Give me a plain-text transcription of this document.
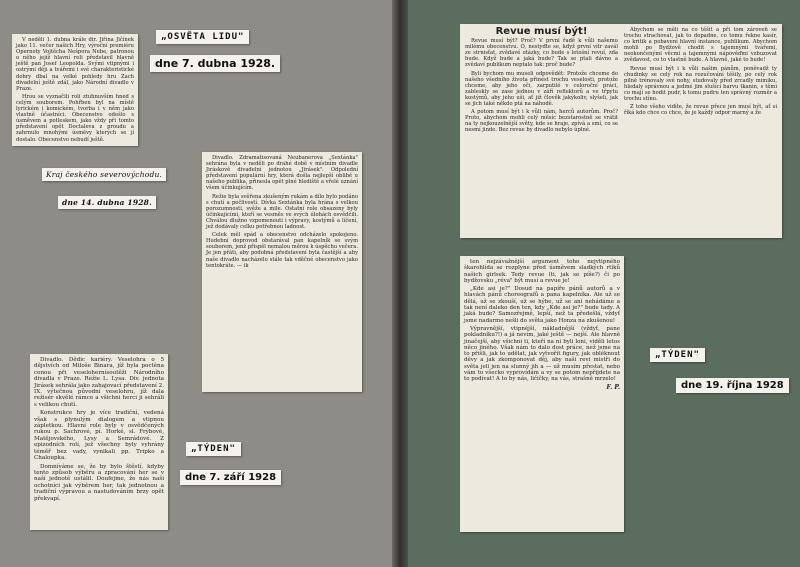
V neděli 1. dubna krále dir. Jiřina Jičínek jako 11. večer našich Hry, výroční premiéru Opernoty Vojtěcha Nešpora Nebe, patronou o něho jejíž hlavní roli představil hlavně ještě pan Josef Leopolda. Svými vtipnými i ostrými ději a tvářemi i své charakteristické dohry dbal na velké pohledy hru Zach divadelní ještě zdál, jako Národní divadlo v Praze.

Hrou se vyznačili roli ztuhnuvším hned s celým souborem. Pohřben byl na místě lyrickém i komickém, tvorba i v něm jako vlastně účastníci. Obecenstvo odešlo s úsměvem a potleskem, jako vždy při tomto představení opět Doctaleva z proudu a zahrnulo mnohými úsměvy kterých se jí dostalo. Obecenstvo nebudí ještě.

„OSVĚTA LIDU"
dne 7. dubna 1928.
Kraj českého severovýchodu.
dne 14. dubna 1928.

Divadlo. Zdramatisovaná Neubanerova „Sextánka" sehrána byla v neděli po drahé době v místním divadle Jiráskově divadelní jednotou „Jirásek". Odpolední představení populární hry, která došla nejlepší oblibě u našeho publika, přinesla opět plné hlediště a vřelé uznání všem účinkujícím.

Režie byla svěřena zkušeným rukám a dílo bylo podáno s chutí a pečlivostí. Dívka Sextánka byla hrána s velkou porozumnosti, svěže a mile. Ostatní role obsazeny byly účinkujícími, kteří se vesměs ve svých úlohách osvědčili. Chválou dlužno vzpomenouti i výpravy, kostýmů a líčení, jež dodávaly celku potřebnou ladnost.

Celek měl spád a obecenstvo odcházelo spokojeno. Hudební doprovod obstarával pan kapelník se svým souborem, jenž přispěl nemalou měrou k úspěchu večera. Je jen přáti, aby podobná představení byla častější a aby naše divadlo nacházelo stále tak vděčné obecenstvo jako tentokráte. — ik

Divadlo. Dědic kariéry. Veselohra o 5 dějstvích od Miloše Binara, jíž byla poctěna cenou při veselohernísoutěži Národního divadla v Praze. Režie L. Lysa. Div. jednota Jirásek sehrála jako zahajovací představení 2. IX. výtečnou původní veselohru, jíž dala režisér skvělé rámce a všichni herci ji sehráli s velikou chutí.

Konstrukce hry je více tradiční, vedená však s plynulým dialogem a vtipnou zápletkou. Hlavní role byly v osvědčených rukou p. Sachrové, pí. Horké, sl. Frýbové, Matějovského, Lysy a Semrádové. Z epizodních rolí, jež všechny byly vyhrány téměř bez vady, vynikali pp. Tripko a Chaloupka.

Domníváme se, že by bylo štěstí, kdyby tento způsob výběru a zpracování her se v naší jednotě ustálil. Doufejme, že nás naši ochotníci jak výběrem her, tak jednotnou a tradiční výpravou a nastudováním brzy opět překvapí.

„TÝDEN"
dne 7. září 1928
Revue musí být!

Revue musí být? Proč? V první řadě k vůli našemu milému obecenstvu. Ó, nestyďte se, když první vítr zavál ze strnisťat, zvědavé otázky, co bude s letošní revuí, zda bude. Když bude a jaká bude? Tak se ptali dávno a zvědaví publikum neptalo tak: proč bude?

Byli bychom mu museli odpovědět: Protože chceme do našeho všedního života přinést trochu veselosti, protože chceme, aby jeho oči, zarputilé v celoroční práci, zableskly se zase jednou v září reflektorů a ve třpytu kostýmů, aby jeho uši, ať již člověk jakýkoliv, slyšeli, jak se jich také někdo ptá na náhodě.

A potom musí být i k vůli nám, herců autorům. Proč? Proto, abychom mohli celý měsíc bezstarostně se vrátit na ty nejkouzelnější světy, kde se hraje, zpívá a smí, co se nesmí jinde. Bez revue by divadlo nebylo úplné.

Abychom se měli na co těšit a při tom zároveň se trochu strachovat, jak to dopadne, co tomu řekne kasír, co kritik a pobavení hlavní instance, publikum. Abychom mohli po Bydžově chodit s tajemnými tvářemi, neokončenými věcmi a tajemnými nápověďmi vzbuzovat zvědavost, co to vlastně bude. A hlavně, jaké to bude!

Revue musí být i k vůli našim pánům, poněvadž ty chudinky se celý rok na rozučování těšily, po celý rok pilně trénovaly své nohy, studovaly před zrcadly mimiku, hledaly správnou a jediné jim slušící barvu tkanin, s těmi co mají se hodit pudr, k tomu pudru ten správný rozměr a trochu stínu.

Z toho všeho vidíte, že revue přece jen musí být, ať si říká kdo chce co chce, že je každý odpor marný a že

ten nejzávažnější argument toho nejvtipného škarohlída se rozplyne před úsměvem sladkých rtíků našich girlsek. Tedy revue (ti, jak se píše?) či po bydžovsku „réva" být musí a revue je!

„Kde asi je?" Dosud na papíře pánů autorů a v hlavách pánů choreografů a pana kapelníka. Ale už se dělá, už se zkouší, už se hýbe, už se ani nehádáme a tak není daleko den ten, kdy „Kde asi je?" bude tady. A jaká bude? Samozřejmě, lepší, než ta předešlá, vždyť jsme nadarmo nešli do světa jako Honza na zkušenou!

Výpravnější, vtipnější, nákladnější (vždyť, pane pokladníku?!) a já nevím, jaké ještě — nejší. Ale hlavně jinačejší, aby všichni ti, kteří na ni byli loni, viděli letos něco jiného. Však nám to dalo dost práce, než jsme na to přišli, jak to udělat, jak vytvořit figury, jak obléknout děvy a jak zkomponovat děj, aby naši revi mistři do světa jeli jen na slunný jih a — už musím přestat, nebo vám to všecko vyprovídám a vy se potom nepřijdete na to podívat! A to by nás, ličičky, na vás, strašně mrzelo!

F. P.
„TÝDEN"
dne 19. října 1928
